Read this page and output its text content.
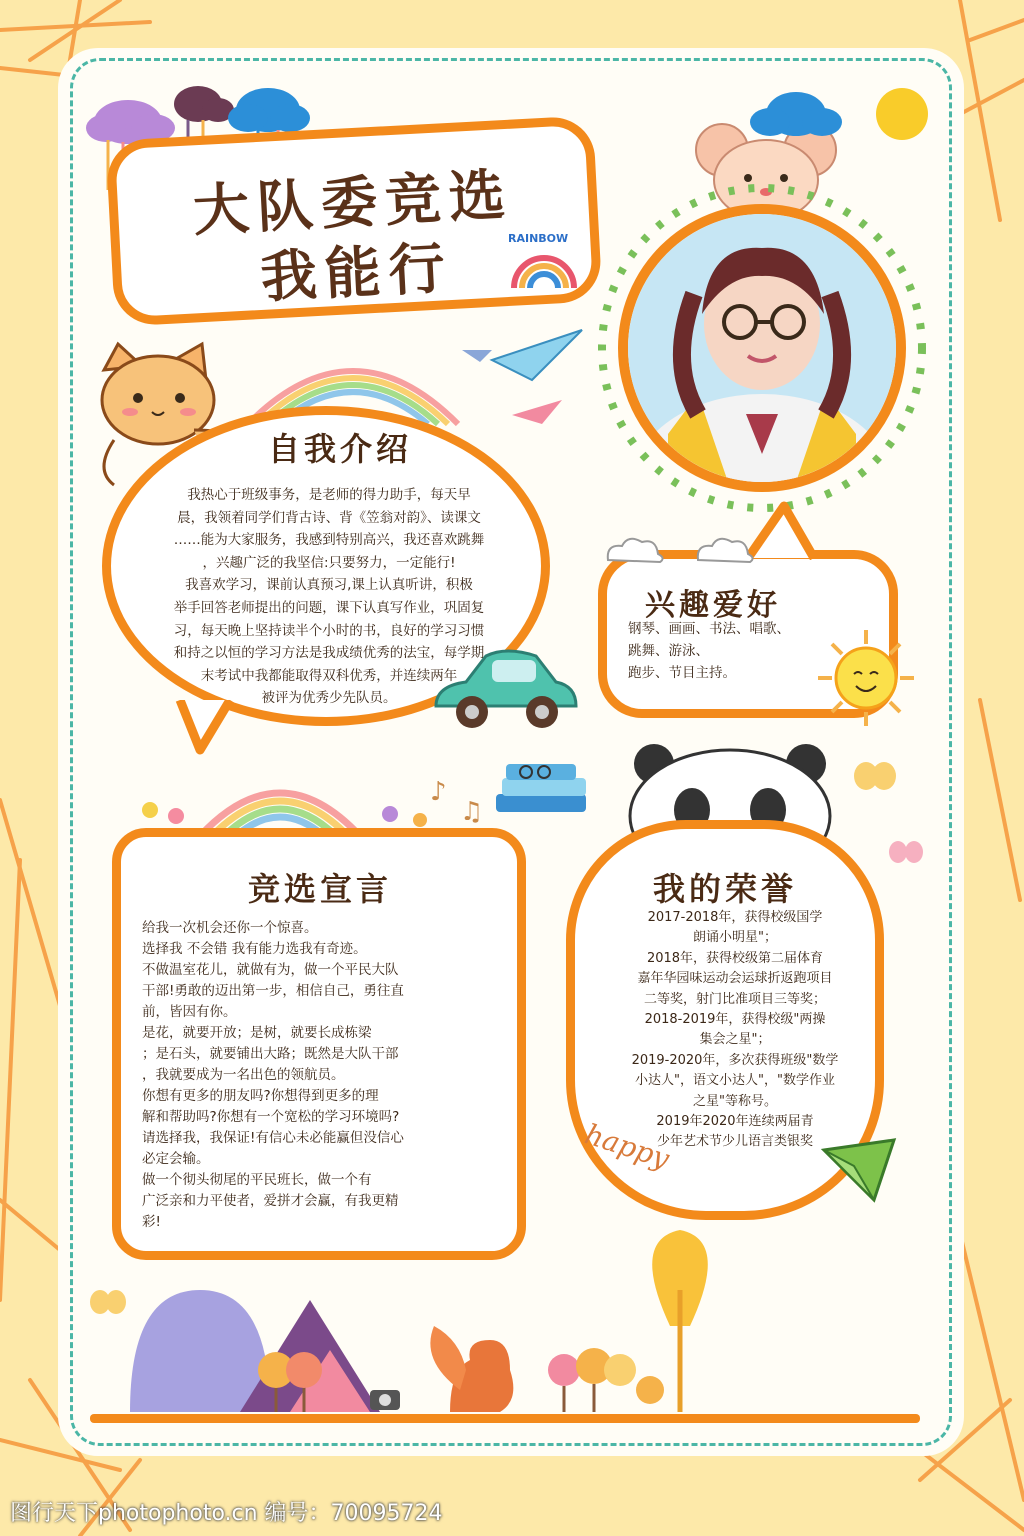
大队委竞选
我能行	RAINBOW
自我介绍

我热心于班级事务，是老师的得力助手，每天早

晨，我领着同学们背古诗、背《笠翁对韵》、读课文

……能为大家服务，我感到特别高兴，我还喜欢跳舞

，兴趣广泛的我坚信:只要努力，一定能行!

我喜欢学习，课前认真预习,课上认真听讲，积极

举手回答老师提出的问题，课下认真写作业，巩固复

习，每天晚上坚持读半个小时的书，良好的学习习惯

和持之以恒的学习方法是我成绩优秀的法宝，每学期

末考试中我都能取得双科优秀，并连续两年

被评为优秀少先队员。

兴趣爱好

钢琴、画画、书法、唱歌、

跳舞、游泳、

跑步、节目主持。

♪
♫
竞选宣言

给我一次机会还你一个惊喜。

选择我 不会错 我有能力选我有奇迹。

不做温室花儿，就做有为，做一个平民大队

干部!勇敢的迈出第一步，相信自己，勇往直

前，皆因有你。

是花，就要开放；是树，就要长成栋梁

；是石头，就要铺出大路；既然是大队干部

，我就要成为一名出色的领航员。

你想有更多的朋友吗?你想得到更多的理

解和帮助吗?你想有一个宽松的学习环境吗?

请选择我，我保证!有信心未必能赢但没信心

必定会输。

做一个彻头彻尾的平民班长，做一个有

广泛亲和力平使者，爱拼才会赢，有我更精

彩!

我的荣誉

2017-2018年，获得校级国学

朗诵小明星"；

2018年，获得校级第二届体育

嘉年华园味运动会运球折返跑项目

二等奖，射门比准项目三等奖；

2018-2019年，获得校级"两操

集会之星"；

2019-2020年，多次获得班级"数学

小达人"，语文小达人"，"数学作业

之星"等称号。

2019年2020年连续两届青

少年艺术节少儿语言类银奖

happy
图行天下photophoto.cn 编号：70095724
